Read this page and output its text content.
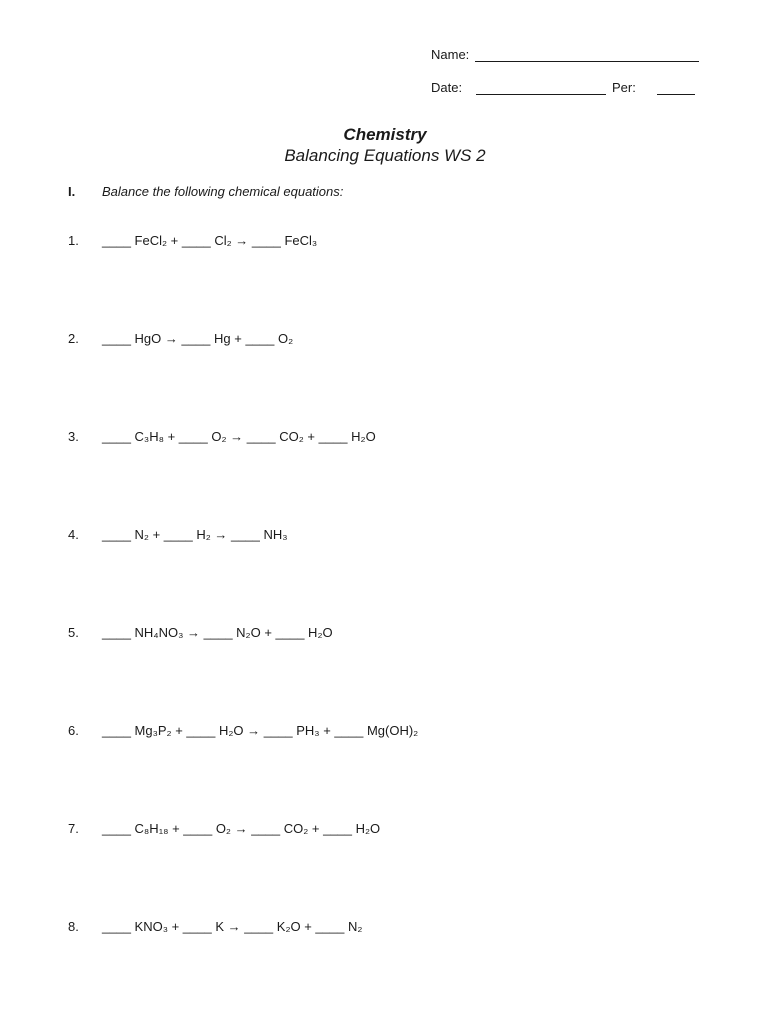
Name:
Date:	Per:
Chemistry
Balancing Equations WS 2
I. Balance the following chemical equations:
1. ____ FeCl₂ + ____ Cl₂ → ____ FeCl₃
2. ____ HgO → ____ Hg + ____ O₂
3. ____ C₃H₈ + ____ O₂ → ____ CO₂ + ____ H₂O
4. ____ N₂ + ____ H₂ → ____ NH₃
5. ____ NH₄NO₃ → ____ N₂O + ____ H₂O
6. ____ Mg₃P₂ + ____ H₂O → ____ PH₃ + ____ Mg(OH)₂
7. ____ C₈H₁₈ + ____ O₂ → ____ CO₂ + ____ H₂O
8. ____ KNO₃ + ____ K → ____ K₂O + ____ N₂
